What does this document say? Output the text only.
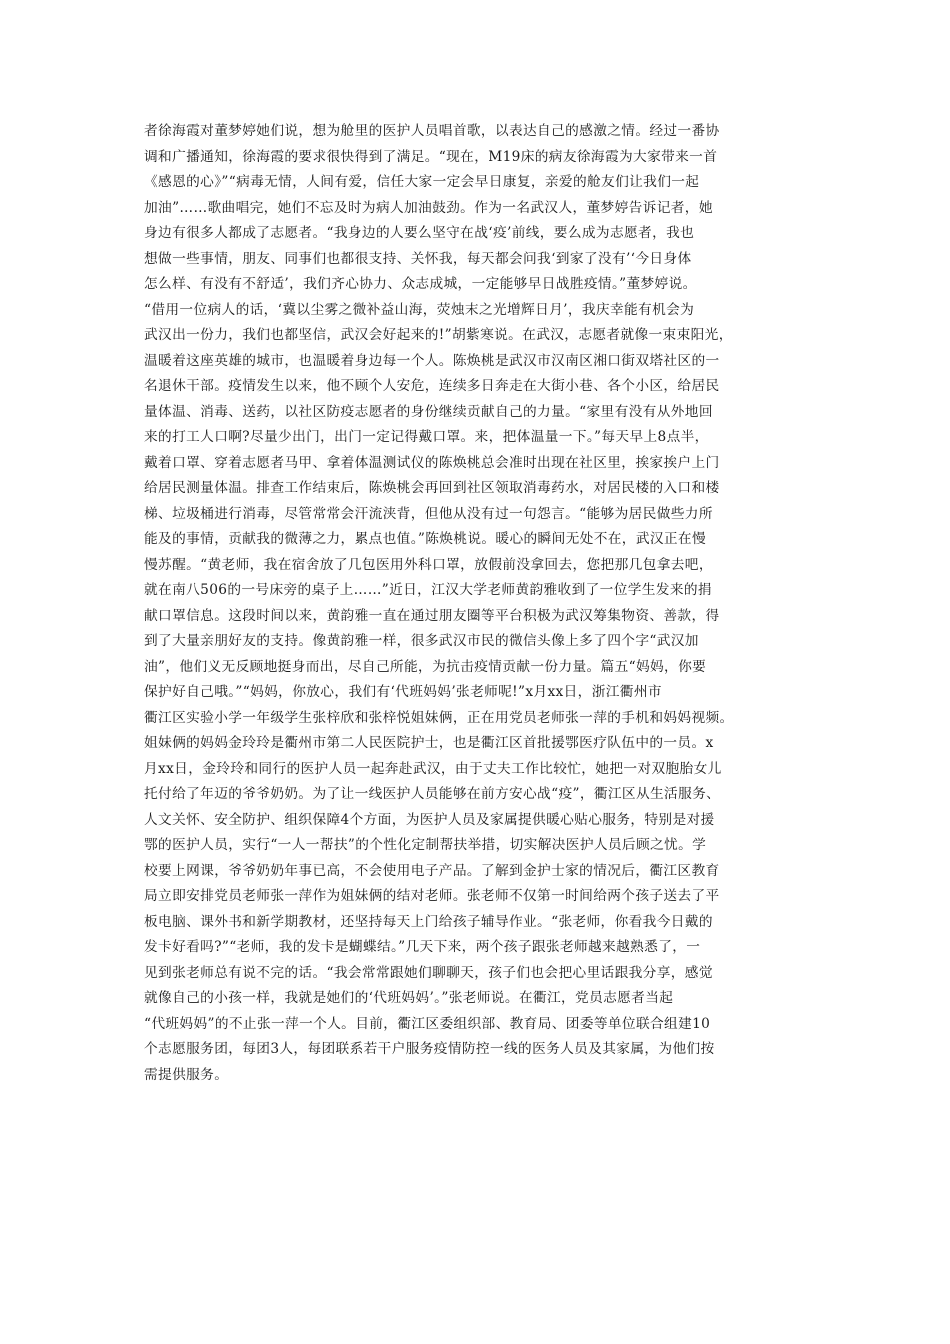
者徐海霞对董梦婷她们说，想为舱里的医护人员唱首歌，以表达自己的感激之情。经过一番协
调和广播通知，徐海霞的要求很快得到了满足。“现在，M19床的病友徐海霞为大家带来一首
《感恩的心》”“病毒无情，人间有爱，信任大家一定会早日康复，亲爱的舱友们让我们一起
加油”……歌曲唱完，她们不忘及时为病人加油鼓劲。作为一名武汉人，董梦婷告诉记者，她
身边有很多人都成了志愿者。“我身边的人要么坚守在战‘疫’前线，要么成为志愿者，我也
想做一些事情，朋友、同事们也都很支持、关怀我，每天都会问我‘到家了没有’‘今日身体
怎么样、有没有不舒适’，我们齐心协力、众志成城，一定能够早日战胜疫情。”董梦婷说。
“借用一位病人的话，‘冀以尘雾之微补益山海，荧烛末之光增辉日月’，我庆幸能有机会为
武汉出一份力，我们也都坚信，武汉会好起来的!”胡紫寒说。在武汉，志愿者就像一束束阳光，
温暖着这座英雄的城市，也温暖着身边每一个人。陈焕桃是武汉市汉南区湘口街双塔社区的一
名退休干部。疫情发生以来，他不顾个人安危，连续多日奔走在大街小巷、各个小区，给居民
量体温、消毒、送药，以社区防疫志愿者的身份继续贡献自己的力量。“家里有没有从外地回
来的打工人口啊?尽量少出门，出门一定记得戴口罩。来，把体温量一下。”每天早上8点半，
戴着口罩、穿着志愿者马甲、拿着体温测试仪的陈焕桃总会准时出现在社区里，挨家挨户上门
给居民测量体温。排查工作结束后，陈焕桃会再回到社区领取消毒药水，对居民楼的入口和楼
梯、垃圾桶进行消毒，尽管常常会汗流浃背，但他从没有过一句怨言。“能够为居民做些力所
能及的事情，贡献我的微薄之力，累点也值。”陈焕桃说。暖心的瞬间无处不在，武汉正在慢
慢苏醒。“黄老师，我在宿舍放了几包医用外科口罩，放假前没拿回去，您把那几包拿去吧，
就在南八506的一号床旁的桌子上……”近日，江汉大学老师黄韵雅收到了一位学生发来的捐
献口罩信息。这段时间以来，黄韵雅一直在通过朋友圈等平台积极为武汉筹集物资、善款，得
到了大量亲朋好友的支持。像黄韵雅一样，很多武汉市民的微信头像上多了四个字“武汉加
油”，他们义无反顾地挺身而出，尽自己所能，为抗击疫情贡献一份力量。篇五“妈妈，你要
保护好自己哦。”“妈妈，你放心，我们有‘代班妈妈’张老师呢!”x月xx日，浙江衢州市
衢江区实验小学一年级学生张梓欣和张梓悦姐妹俩，正在用党员老师张一萍的手机和妈妈视频。
姐妹俩的妈妈金玲玲是衢州市第二人民医院护士，也是衢江区首批援鄂医疗队伍中的一员。x
月xx日，金玲玲和同行的医护人员一起奔赴武汉，由于丈夫工作比较忙，她把一对双胞胎女儿
托付给了年迈的爷爷奶奶。为了让一线医护人员能够在前方安心战“疫”，衢江区从生活服务、
人文关怀、安全防护、组织保障4个方面，为医护人员及家属提供暖心贴心服务，特别是对援
鄂的医护人员，实行“一人一帮扶”的个性化定制帮扶举措，切实解决医护人员后顾之忧。学
校要上网课，爷爷奶奶年事已高，不会使用电子产品。了解到金护士家的情况后，衢江区教育
局立即安排党员老师张一萍作为姐妹俩的结对老师。张老师不仅第一时间给两个孩子送去了平
板电脑、课外书和新学期教材，还坚持每天上门给孩子辅导作业。“张老师，你看我今日戴的
发卡好看吗?”“老师，我的发卡是蝴蝶结。”几天下来，两个孩子跟张老师越来越熟悉了，一
见到张老师总有说不完的话。“我会常常跟她们聊聊天，孩子们也会把心里话跟我分享，感觉
就像自己的小孩一样，我就是她们的‘代班妈妈’。”张老师说。在衢江，党员志愿者当起
“代班妈妈”的不止张一萍一个人。目前，衢江区委组织部、教育局、团委等单位联合组建10
个志愿服务团，每团3人，每团联系若干户服务疫情防控一线的医务人员及其家属，为他们按
需提供服务。
